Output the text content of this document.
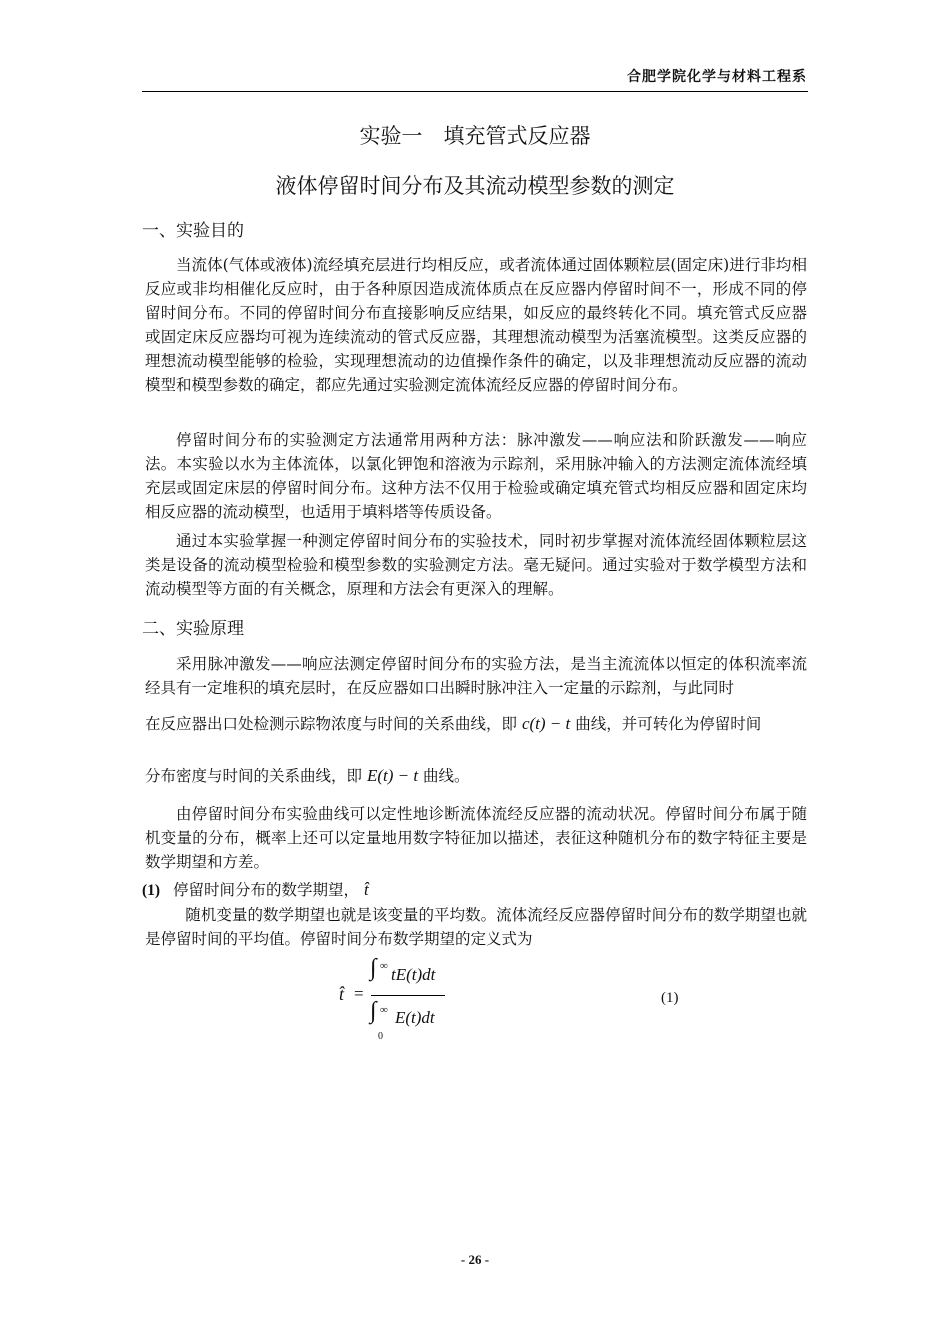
合肥学院化学与材料工程系
实验一　填充管式反应器
液体停留时间分布及其流动模型参数的测定
一、实验目的

当流体(气体或液体)流经填充层进行均相反应，或者流体通过固体颗粒层(固定床)进行非均相反应或非均相催化反应时，由于各种原因造成流体质点在反应器内停留时间不一，形成不同的停留时间分布。不同的停留时间分布直接影响反应结果，如反应的最终转化不同。填充管式反应器或固定床反应器均可视为连续流动的管式反应器，其理想流动模型为活塞流模型。这类反应器的理想流动模型能够的检验，实现理想流动的边值操作条件的确定，以及非理想流动反应器的流动模型和模型参数的确定，都应先通过实验测定流体流经反应器的停留时间分布。

停留时间分布的实验测定方法通常用两种方法：脉冲激发——响应法和阶跃激发——响应法。本实验以水为主体流体，以氯化钾饱和溶液为示踪剂，采用脉冲输入的方法测定流体流经填充层或固定床层的停留时间分布。这种方法不仅用于检验或确定填充管式均相反应器和固定床均相反应器的流动模型，也适用于填料塔等传质设备。

通过本实验掌握一种测定停留时间分布的实验技术，同时初步掌握对流体流经固体颗粒层这类是设备的流动模型检验和模型参数的实验测定方法。毫无疑问。通过实验对于数学模型方法和流动模型等方面的有关概念，原理和方法会有更深入的理解。

二、实验原理

采用脉冲激发——响应法测定停留时间分布的实验方法，是当主流流体以恒定的体积流率流经具有一定堆积的填充层时，在反应器如口出瞬时脉冲注入一定量的示踪剂，与此同时

在反应器出口处检测示踪物浓度与时间的关系曲线，即 c(t) − t 曲线，并可转化为停留时间
分布密度与时间的关系曲线，即 E(t) − t 曲线。

由停留时间分布实验曲线可以定性地诊断流体流经反应器的流动状况。停留时间分布属于随机变量的分布，概率上还可以定量地用数字特征加以描述，表征这种随机分布的数字特征主要是数学期望和方差。

(1) 停留时间分布的数学期望， t̂

随机变量的数学期望也就是该变量的平均数。流体流经反应器停留时间分布的数学期望也就是停留时间的平均值。停留时间分布数学期望的定义式为

t̂ =
∫ ∞ tE(t)dt
∫ ∞ E(t)dt
0
(1)
- 26 -
